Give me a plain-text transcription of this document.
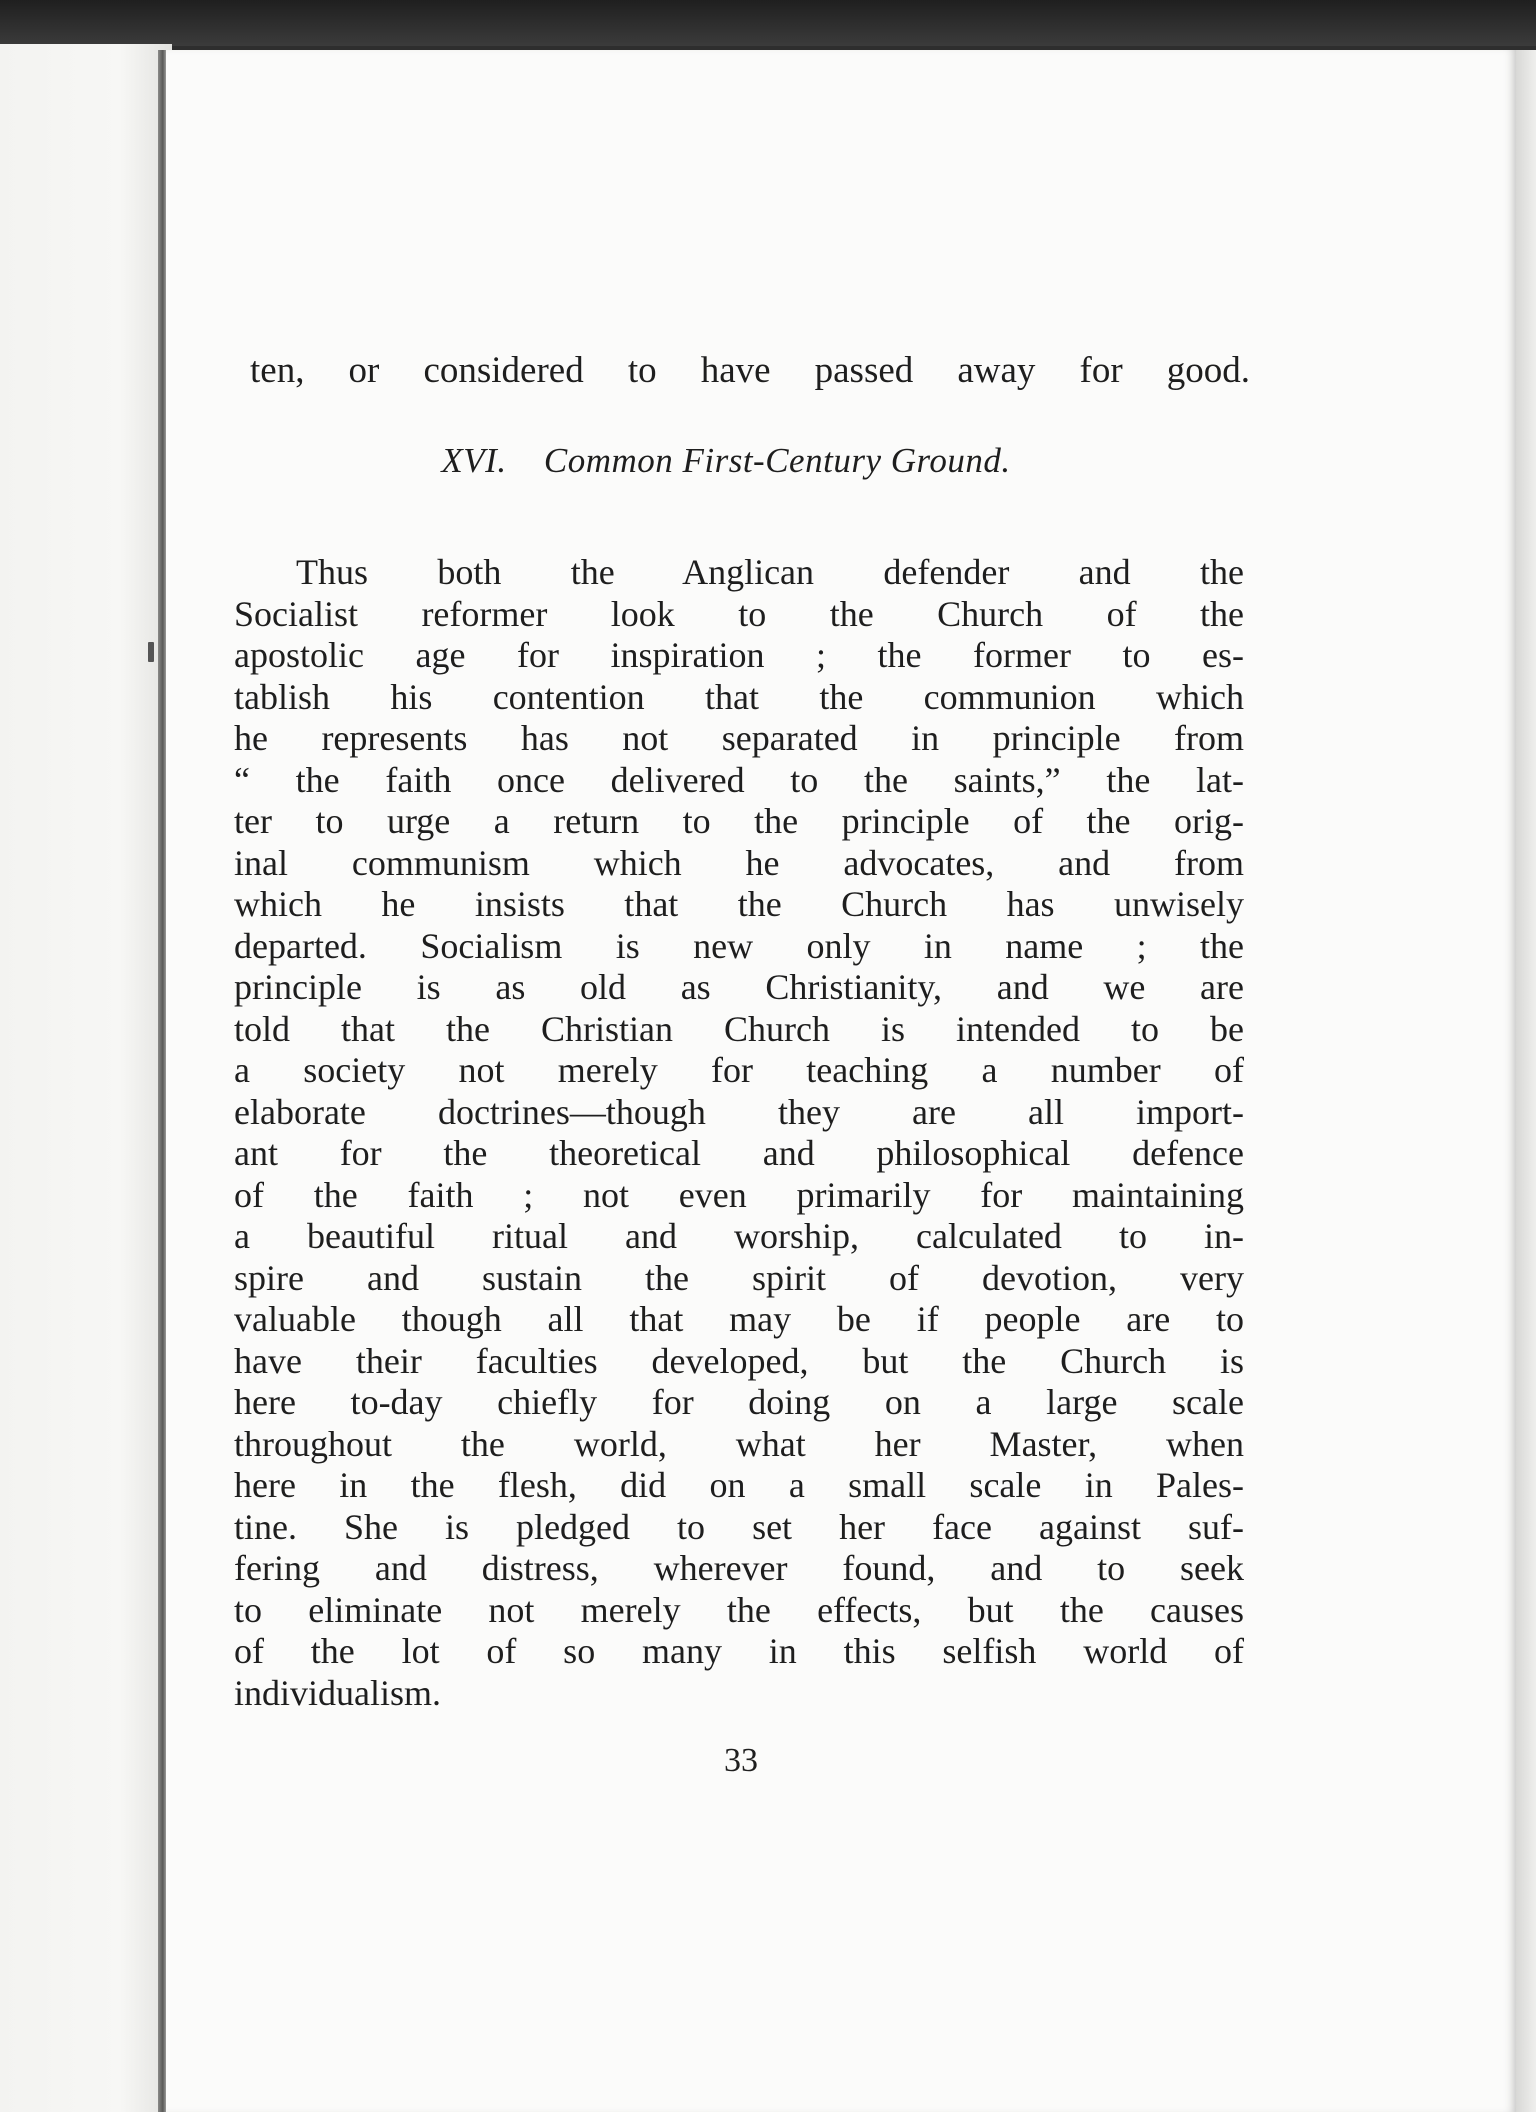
ten, or considered to have passed away for good.
XVI. Common First-Century Ground.
Thus both the Anglican defender and the
Socialist reformer look to the Church of the
apostolic age for inspiration ; the former to es-
tablish his contention that the communion which
he represents has not separated in principle from
“ the faith once delivered to the saints,” the lat-
ter to urge a return to the principle of the orig-
inal communism which he advocates, and from
which he insists that the Church has unwisely
departed. Socialism is new only in name ; the
principle is as old as Christianity, and we are
told that the Christian Church is intended to be
a society not merely for teaching a number of
elaborate doctrines—though they are all import-
ant for the theoretical and philosophical defence
of the faith ; not even primarily for maintaining
a beautiful ritual and worship, calculated to in-
spire and sustain the spirit of devotion, very
valuable though all that may be if people are to
have their faculties developed, but the Church is
here to-day chiefly for doing on a large scale
throughout the world, what her Master, when
here in the flesh, did on a small scale in Pales-
tine. She is pledged to set her face against suf-
fering and distress, wherever found, and to seek
to eliminate not merely the effects, but the causes
of the lot of so many in this selfish world of
individualism.
33
